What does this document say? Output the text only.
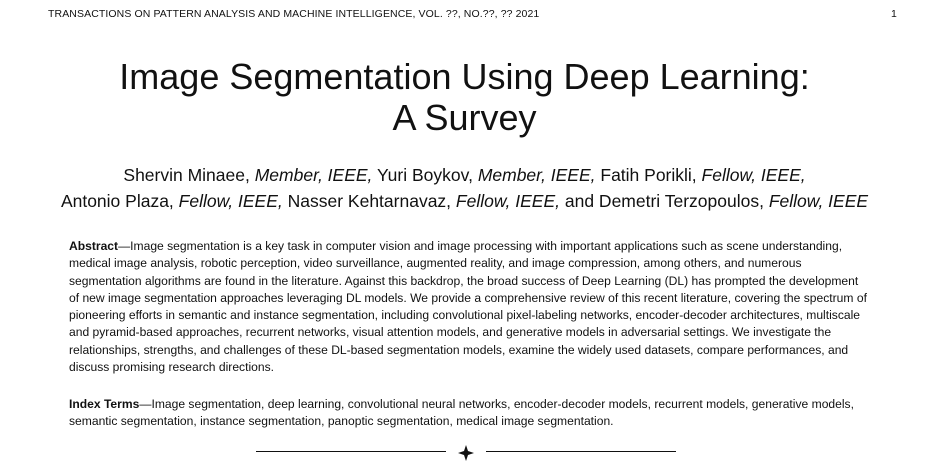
TRANSACTIONS ON PATTERN ANALYSIS AND MACHINE INTELLIGENCE, VOL. ??, NO.??, ?? 2021	1
Image Segmentation Using Deep Learning:
A Survey
Shervin Minaee, Member, IEEE, Yuri Boykov, Member, IEEE, Fatih Porikli, Fellow, IEEE,
Antonio Plaza, Fellow, IEEE, Nasser Kehtarnavaz, Fellow, IEEE, and Demetri Terzopoulos, Fellow, IEEE
Abstract—Image segmentation is a key task in computer vision and image processing with important applications such as scene understanding, medical image analysis, robotic perception, video surveillance, augmented reality, and image compression, among others, and numerous segmentation algorithms are found in the literature. Against this backdrop, the broad success of Deep Learning (DL) has prompted the development of new image segmentation approaches leveraging DL models. We provide a comprehensive review of this recent literature, covering the spectrum of pioneering efforts in semantic and instance segmentation, including convolutional pixel-labeling networks, encoder-decoder architectures, multiscale and pyramid-based approaches, recurrent networks, visual attention models, and generative models in adversarial settings. We investigate the relationships, strengths, and challenges of these DL-based segmentation models, examine the widely used datasets, compare performances, and discuss promising research directions.
Index Terms—Image segmentation, deep learning, convolutional neural networks, encoder-decoder models, recurrent models, generative models, semantic segmentation, instance segmentation, panoptic segmentation, medical image segmentation.
